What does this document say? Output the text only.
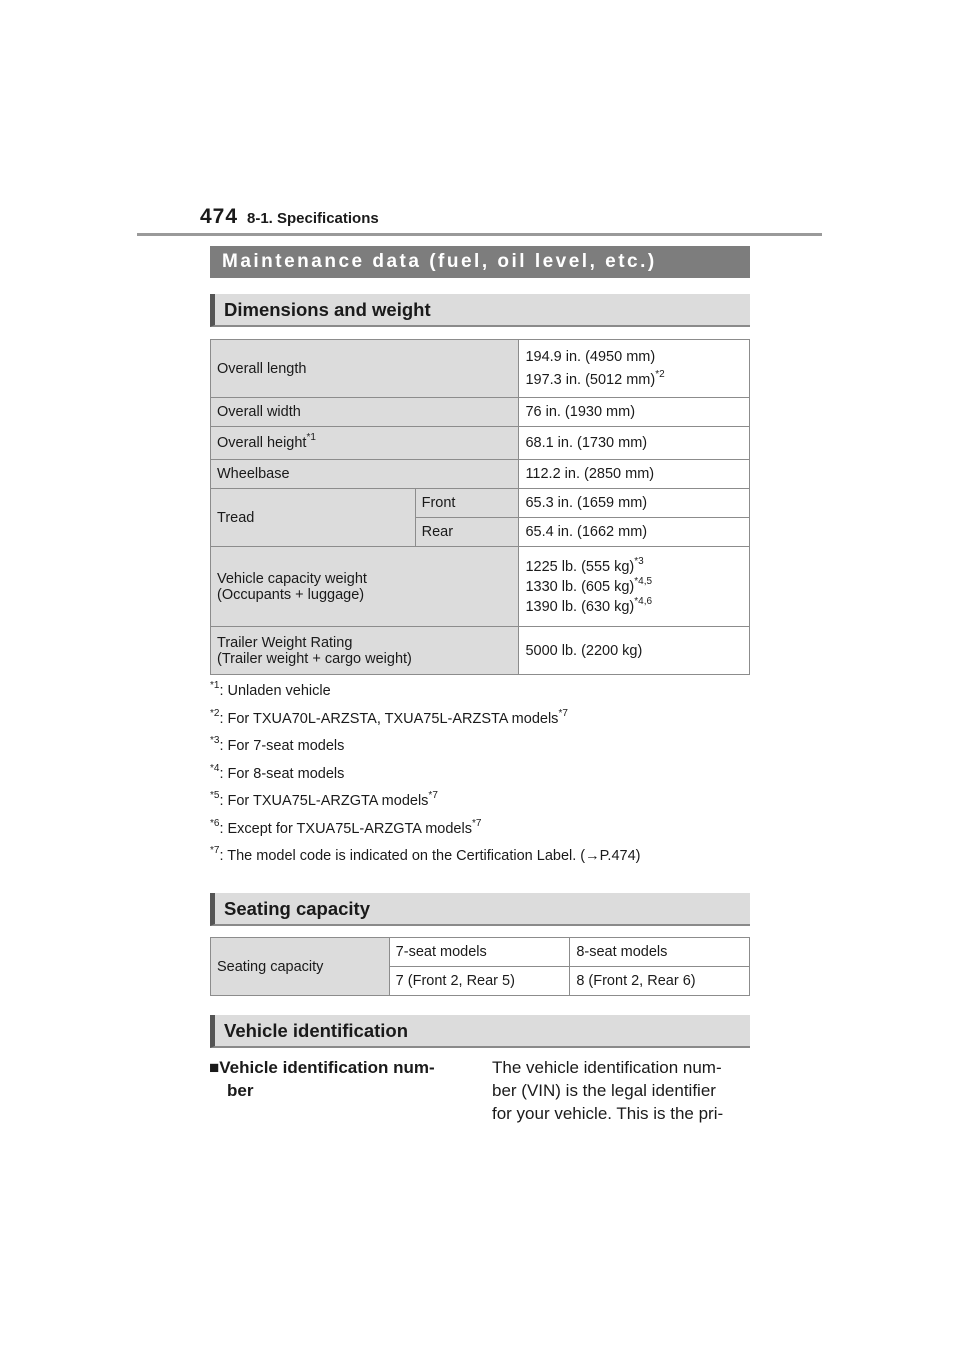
474 8-1. Specifications
Maintenance data (fuel, oil level, etc.)
Dimensions and weight
Overall length		194.9 in. (4950 mm)
197.3 in. (5012 mm)$^{*2}$

Overall width		76 in. (1930 mm)
Overall height$^{*1}$		68.1 in. (1730 mm)
Wheelbase		112.2 in. (2850 mm)
Tread	Front	65.3 in. (1659 mm)
	Rear	65.4 in. (1662 mm)

Vehicle capacity weight
(Occupants + luggage)		1225 lb. (555 kg)$^{*3}$
1330 lb. (605 kg)$^{*4,5}$
1390 lb. (630 kg)$^{*4,6}$

Trailer Weight Rating
(Trailer weight + cargo weight)		5000 lb. (2200 kg)
$^{*1}$: Unladen vehicle
$^{*2}$: For TXUA70L-ARZSTA, TXUA75L-ARZSTA models$^{*7}$
$^{*3}$: For 7-seat models
$^{*4}$: For 8-seat models
$^{*5}$: For TXUA75L-ARZGTA models$^{*7}$
$^{*6}$: Except for TXUA75L-ARZGTA models$^{*7}$
$^{*7}$: The model code is indicated on the Certification Label. (→P.474)
Seating capacity
Seating capacity	7-seat models	8-seat models
	7 (Front 2, Rear 5)	8 (Front 2, Rear 6)
Vehicle identification
■Vehicle identification num-
ber
The vehicle identification num-
ber (VIN) is the legal identifier
for your vehicle. This is the pri-
